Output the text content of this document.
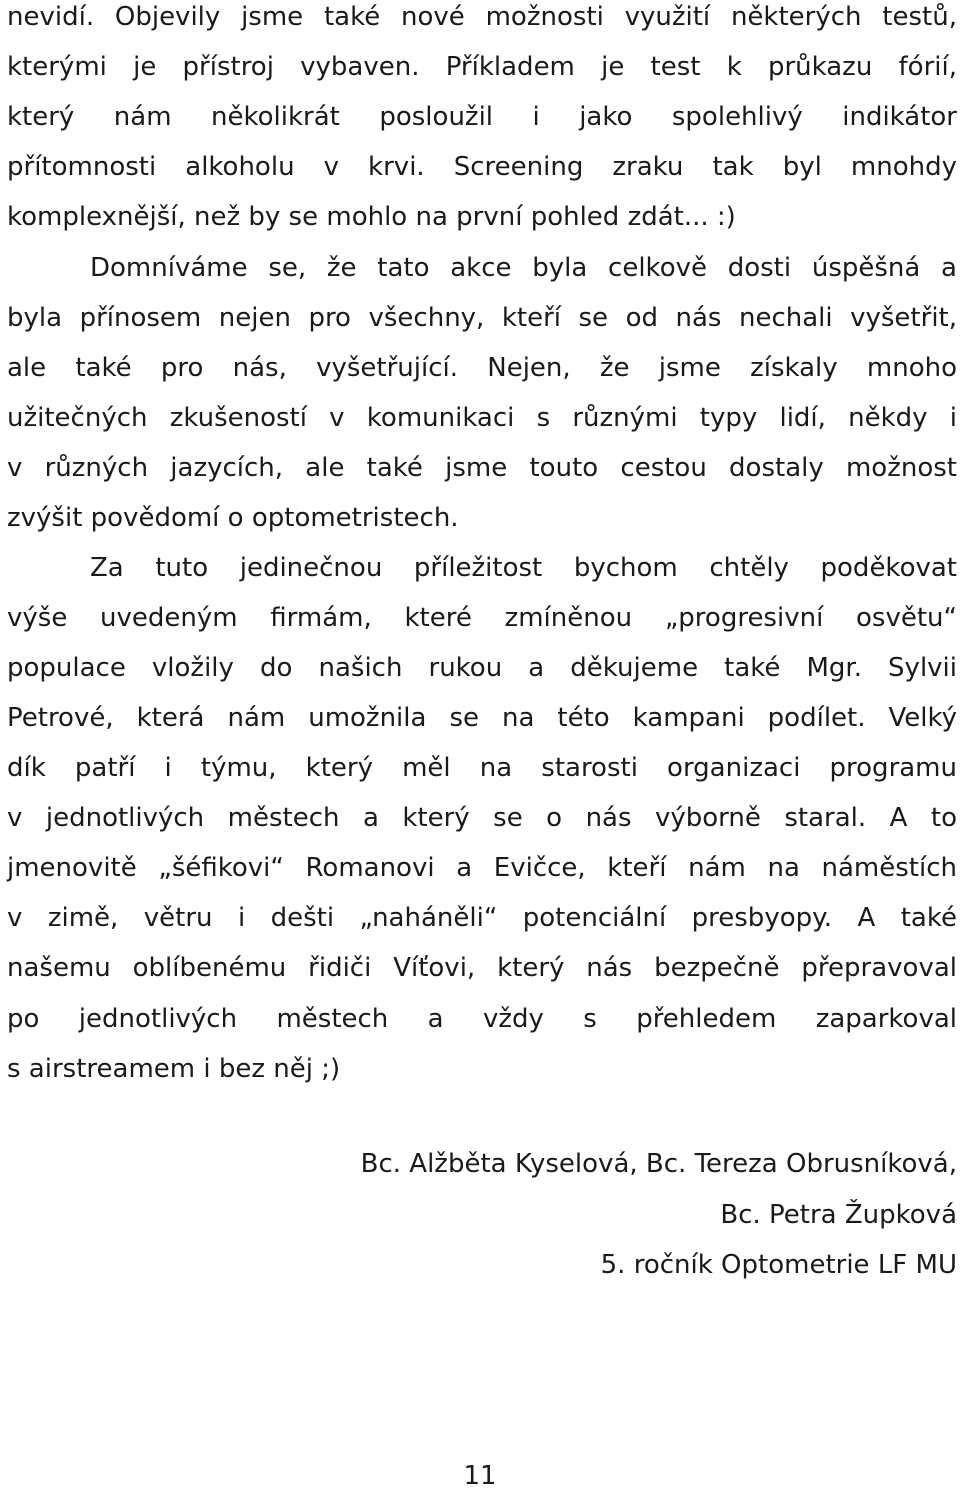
nevidí. Objevily jsme také nové možnosti využití některých testů,
kterými je přístroj vybaven. Příkladem je test k průkazu fórií,
který nám několikrát posloužil i jako spolehlivý indikátor
přítomnosti alkoholu v krvi. Screening zraku tak byl mnohdy
komplexnější, než by se mohlo na první pohled zdát... :)
Domníváme se, že tato akce byla celkově dosti úspěšná a
byla přínosem nejen pro všechny, kteří se od nás nechali vyšetřit,
ale také pro nás, vyšetřující. Nejen, že jsme získaly mnoho
užitečných zkušeností v komunikaci s různými typy lidí, někdy i
v různých jazycích, ale také jsme touto cestou dostaly možnost
zvýšit povědomí o optometristech.
Za tuto jedinečnou příležitost bychom chtěly poděkovat
výše uvedeným firmám, které zmíněnou „progresivní osvětu“
populace vložily do našich rukou a děkujeme také Mgr. Sylvii
Petrové, která nám umožnila se na této kampani podílet. Velký
dík patří i týmu, který měl na starosti organizaci programu
v jednotlivých městech a který se o nás výborně staral. A to
jmenovitě „šéfikovi“ Romanovi a Evičce, kteří nám na náměstích
v zimě, větru i dešti „naháněli“ potenciální presbyopy. A také
našemu oblíbenému řidiči Víťovi, který nás bezpečně přepravoval
po jednotlivých městech a vždy s přehledem zaparkoval
s airstreamem i bez něj ;)
Bc. Alžběta Kyselová, Bc. Tereza Obrusníková,
Bc. Petra Župková
5. ročník Optometrie LF MU
11
